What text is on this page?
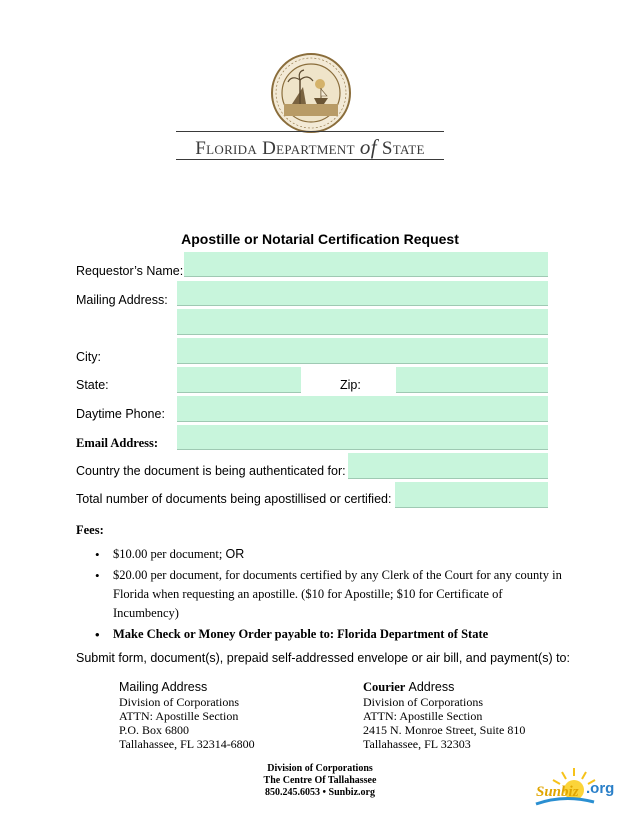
Florida Department of State
Apostille or Notarial Certification Request
Requestor’s Name:
Mailing Address:
City:
State:	Zip:
Daytime Phone:
Email Address:
Country the document is being authenticated for:
Total number of documents being apostillised or certified:
Fees:
• $10.00 per document; OR
• $20.00 per document, for documents certified by any Clerk of the Court for any county in Florida when requesting an apostille. ($10 for Apostille; $10 for Certificate of Incumbency)
• Make Check or Money Order payable to: Florida Department of State
Submit form, document(s), prepaid self-addressed envelope or air bill, and payment(s) to:
Mailing Address
Division of Corporations
ATTN: Apostille Section
P.O. Box 6800
Tallahassee, FL 32314-6800
Courier Address
Division of Corporations
ATTN: Apostille Section
2415 N. Monroe Street, Suite 810
Tallahassee, FL 32303
Division of Corporations
The Centre Of Tallahassee
850.245.6053 • Sunbiz.org	Sunbiz .org
